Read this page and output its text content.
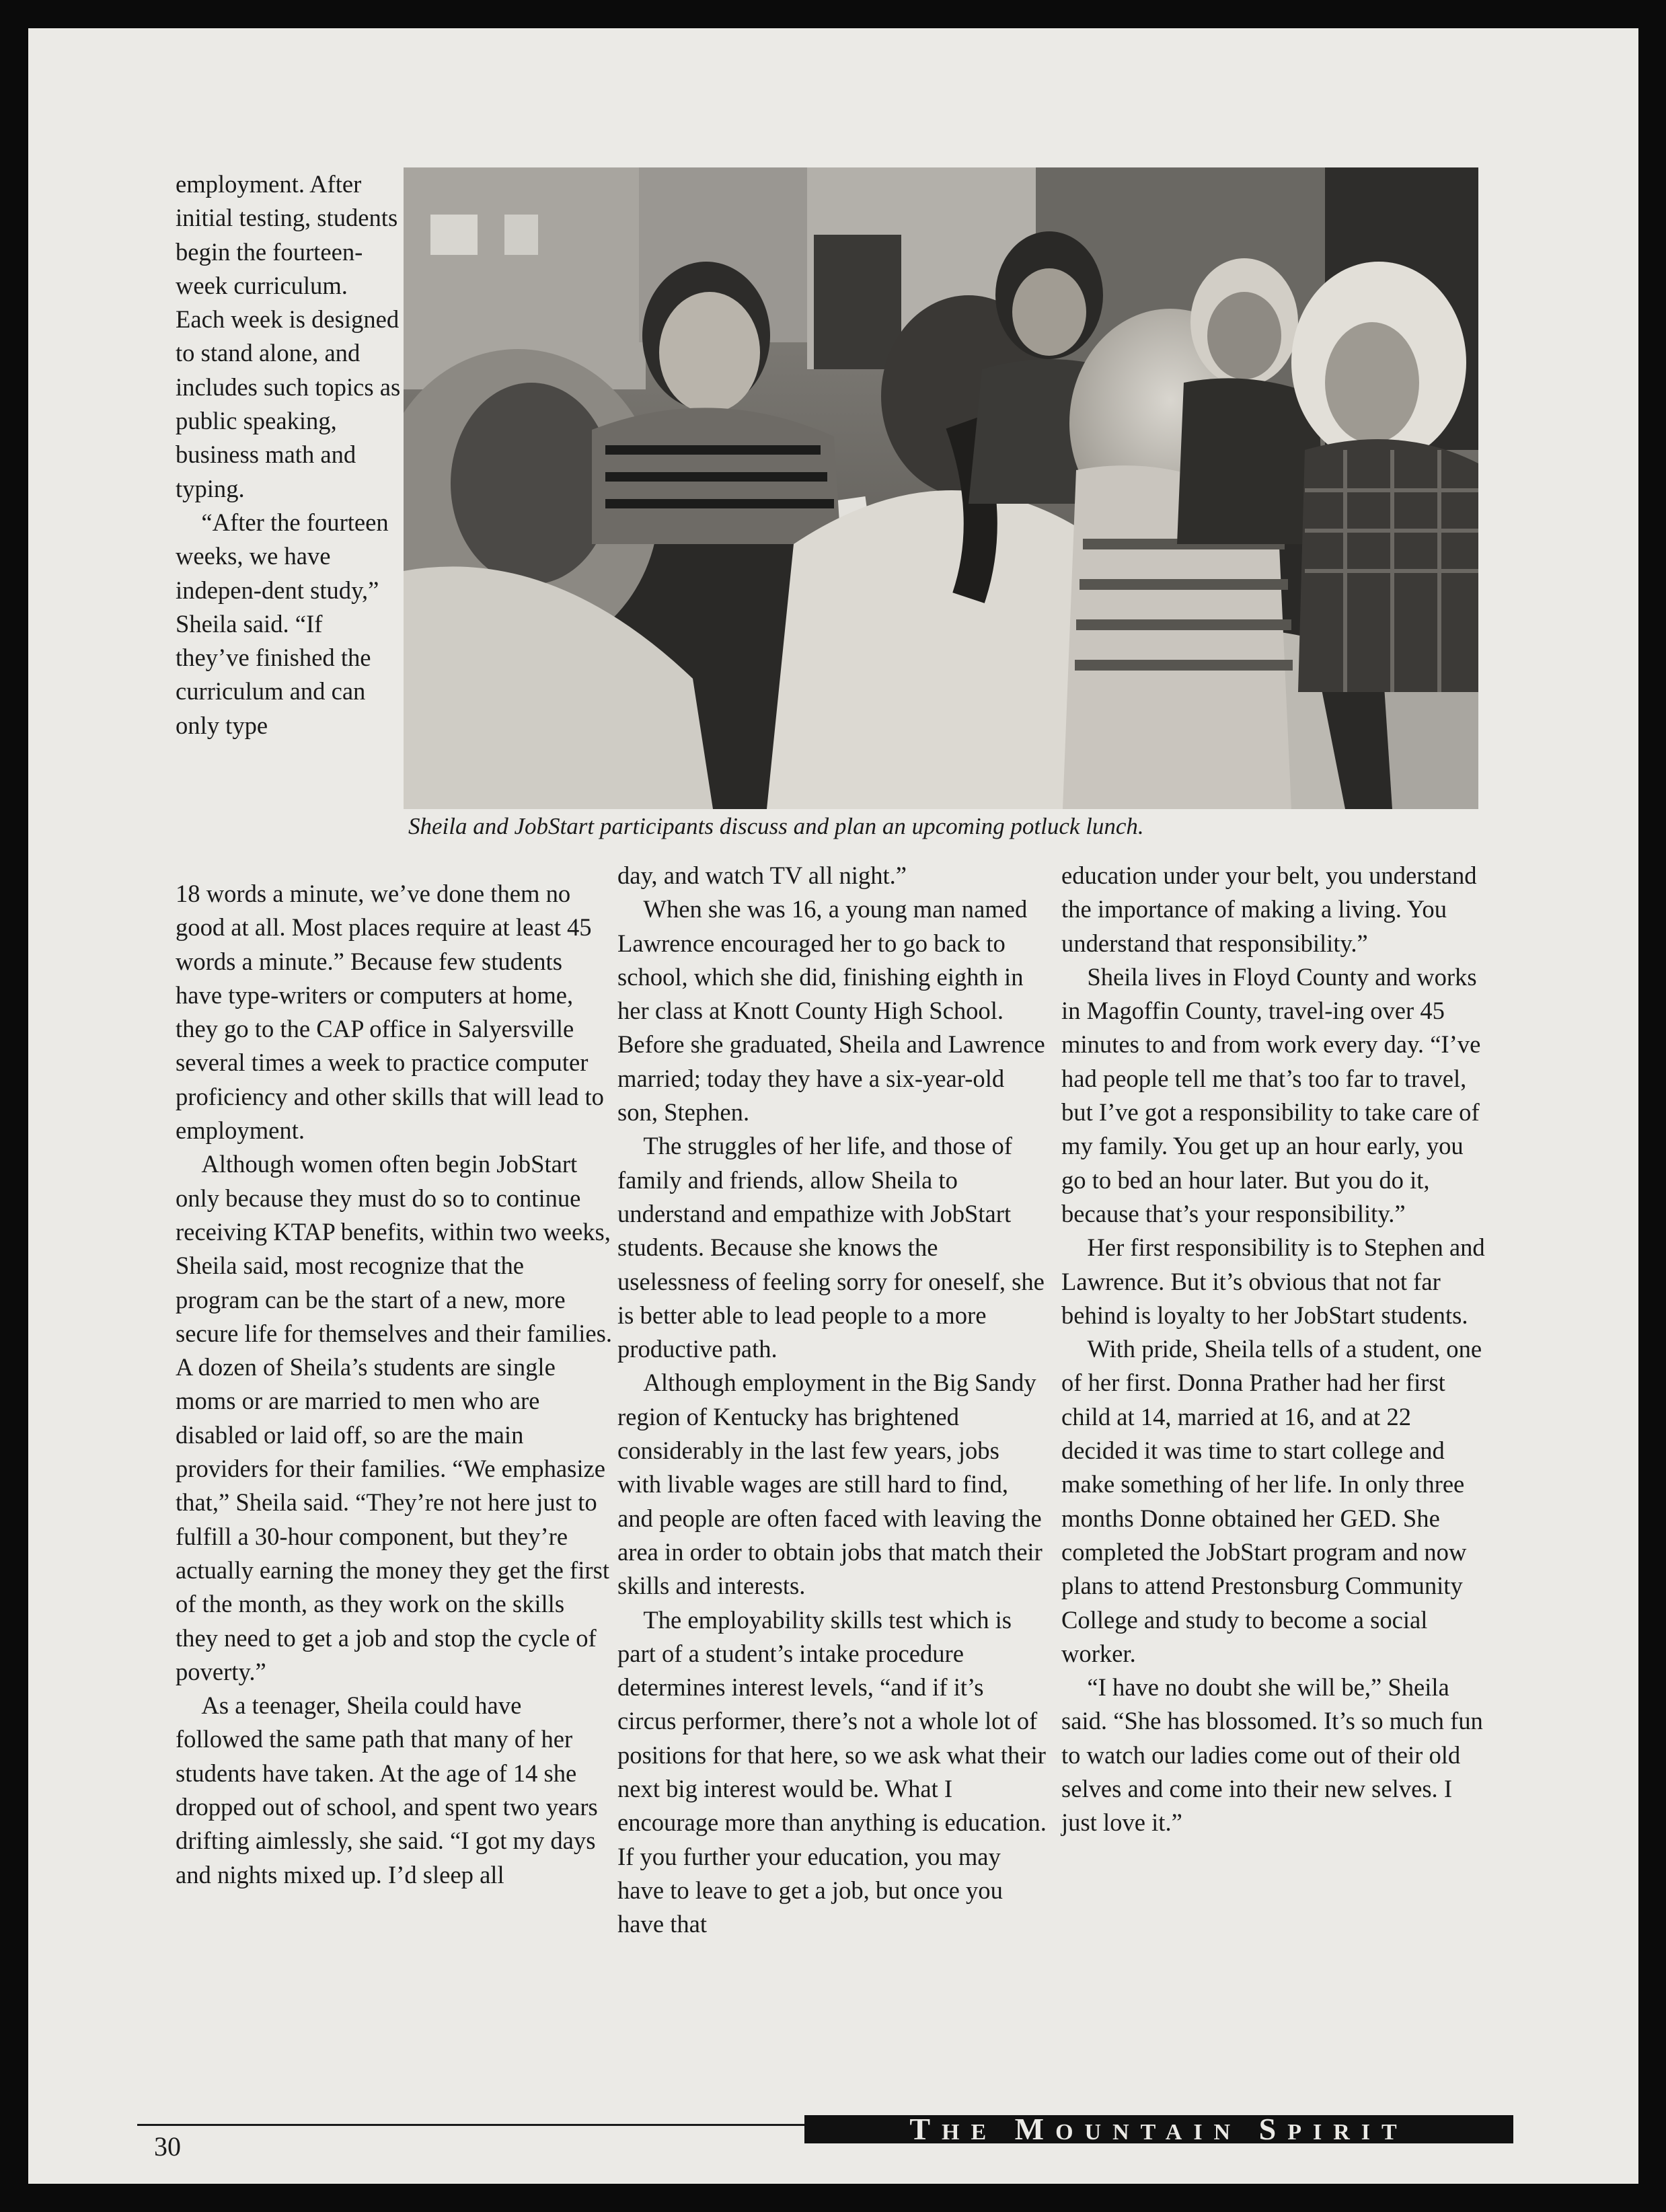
employment. After initial testing, students begin the fourteen-week curriculum. Each week is designed to stand alone, and includes such topics as public speaking, business math and typing.

“After the fourteen weeks, we have indepen-dent study,” Sheila said. “If they’ve finished the curriculum and can only type

Sheila and JobStart participants discuss and plan an upcoming potluck lunch.

18 words a minute, we’ve done them no good at all. Most places require at least 45 words a minute.” Because few students have type-writers or computers at home, they go to the CAP office in Salyersville several times a week to practice computer proficiency and other skills that will lead to employment.

Although women often begin JobStart only because they must do so to continue receiving KTAP benefits, within two weeks, Sheila said, most recognize that the program can be the start of a new, more secure life for themselves and their families. A dozen of Sheila’s students are single moms or are married to men who are disabled or laid off, so are the main providers for their families. “We emphasize that,” Sheila said. “They’re not here just to fulfill a 30-hour component, but they’re actually earning the money they get the first of the month, as they work on the skills they need to get a job and stop the cycle of poverty.”

As a teenager, Sheila could have followed the same path that many of her students have taken. At the age of 14 she dropped out of school, and spent two years drifting aimlessly, she said. “I got my days and nights mixed up. I’d sleep all

day, and watch TV all night.”

When she was 16, a young man named Lawrence encouraged her to go back to school, which she did, finishing eighth in her class at Knott County High School. Before she graduated, Sheila and Lawrence married; today they have a six-year-old son, Stephen.

The struggles of her life, and those of family and friends, allow Sheila to understand and empathize with JobStart students. Because she knows the uselessness of feeling sorry for oneself, she is better able to lead people to a more productive path.

Although employment in the Big Sandy region of Kentucky has brightened considerably in the last few years, jobs with livable wages are still hard to find, and people are often faced with leaving the area in order to obtain jobs that match their skills and interests.

The employability skills test which is part of a student’s intake procedure determines interest levels, “and if it’s circus performer, there’s not a whole lot of positions for that here, so we ask what their next big interest would be. What I encourage more than anything is education. If you further your education, you may have to leave to get a job, but once you have that

education under your belt, you understand the importance of making a living. You understand that responsibility.”

Sheila lives in Floyd County and works in Magoffin County, travel-ing over 45 minutes to and from work every day. “I’ve had people tell me that’s too far to travel, but I’ve got a responsibility to take care of my family. You get up an hour early, you go to bed an hour later. But you do it, because that’s your responsibility.”

Her first responsibility is to Stephen and Lawrence. But it’s obvious that not far behind is loyalty to her JobStart students.

With pride, Sheila tells of a student, one of her first. Donna Prather had her first child at 14, married at 16, and at 22 decided it was time to start college and make something of her life. In only three months Donne obtained her GED. She completed the JobStart program and now plans to attend Prestonsburg Community College and study to become a social worker.

“I have no doubt she will be,” Sheila said. “She has blossomed. It’s so much fun to watch our ladies come out of their old selves and come into their new selves. I just love it.”

30
THE MOUNTAIN SPIRIT
